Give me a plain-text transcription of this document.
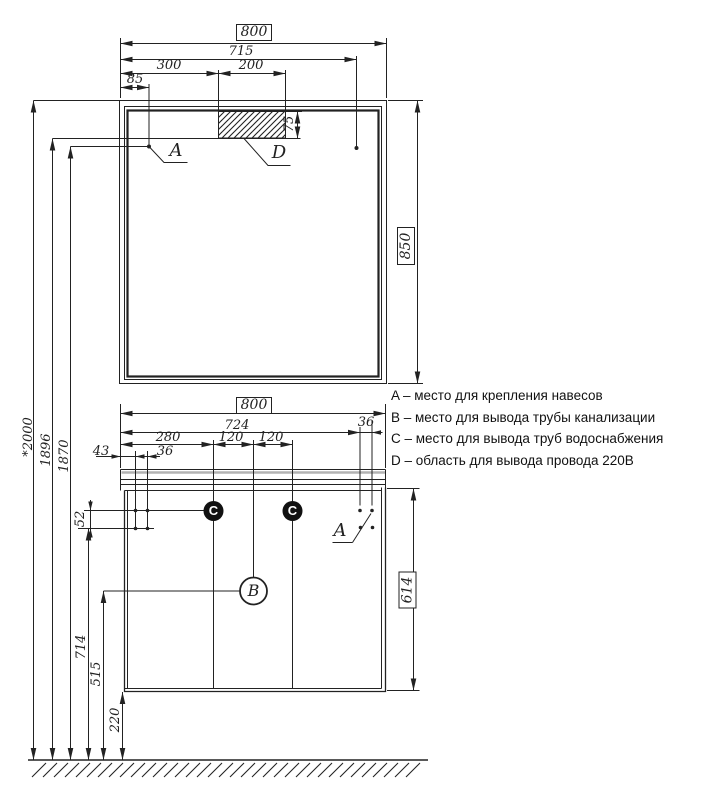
800
715
300	200
85
75
850
A	D
*2000 1896 1870
714
515
220
52
800
724	36
280	120	120
43	36
614
A
C	C
B
A – место для крепления навесов
B – место для вывода трубы канализации
C – место для вывода труб водоснабжения
D – область для вывода провода 220В
